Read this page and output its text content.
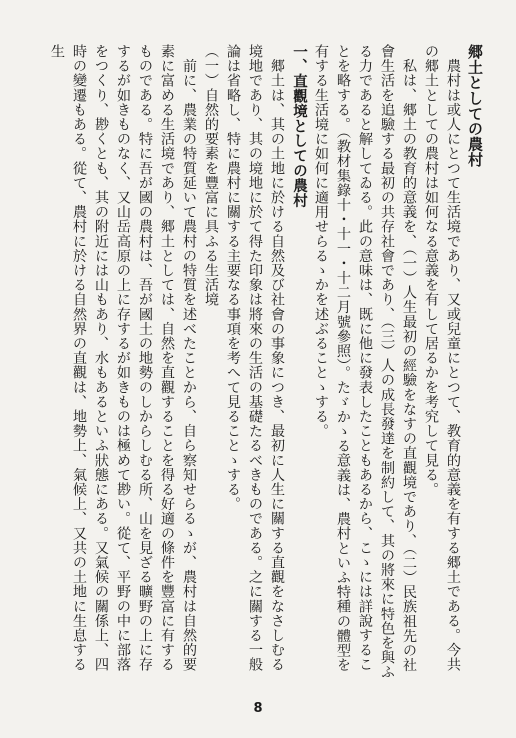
郷土としての農村
　農村は或人にとつて生活境であり、又或兒童にとつて、教育的意義を有する郷土である。今共の郷土としての農村は如何なる意義を有して居るかを考究して見る。
　私は、郷土の教育的意義を、（一）人生最初の經驗をなすの直觀境であり、（二）民族祖先の社會生活を追驗する最初の共存社會であり、（三）人の成長發達を制約して、其の將來に特色を與ふる力であると解してゐる。此の意味は、既に他に發表したこともあるから、こゝには詳說することを略する。（教材集錄十・十一・十二月號參照）。たゞかゝる意義は、農村といふ特種の體型を有する生活境に如何に適用せらるゝかを述ぶることゝする。
一、直觀境としての農村
　郷土は、其の土地に於ける自然及び社會の事象につき、最初に人生に關する直觀をなさしむる境地であり、其の境地に於て得た印象は將來の生活の基礎たるべきものである。之に關する一般論は省略し、特に農村に關する主要なる事項を考へて見ることゝする。
（一）自然的要素を豐富に具ふる生活境
　前に、農業の特質延いて農村の特質を述べたことから、自ら察知せらるゝが、農村は自然的要素に富める生活境であり、郷土としては、自然を直觀することを得る好適の條件を豐富に有するものである。特に吾が國の農村は、吾が國土の地勢のしからしむる所、山を見ざる曠野の上に存するが如きものなく、又山岳高原の上に存するが如きものは極めて尠い。從て、平野の中に部落をつくり、尠くとも、其の附近には山もあり、水もあるといふ狀態にある。又氣候の關係上、四時の變遷もある。從て、農村に於ける自然界の直觀は、地勢上、氣候上、又共の土地に生息する生
8
